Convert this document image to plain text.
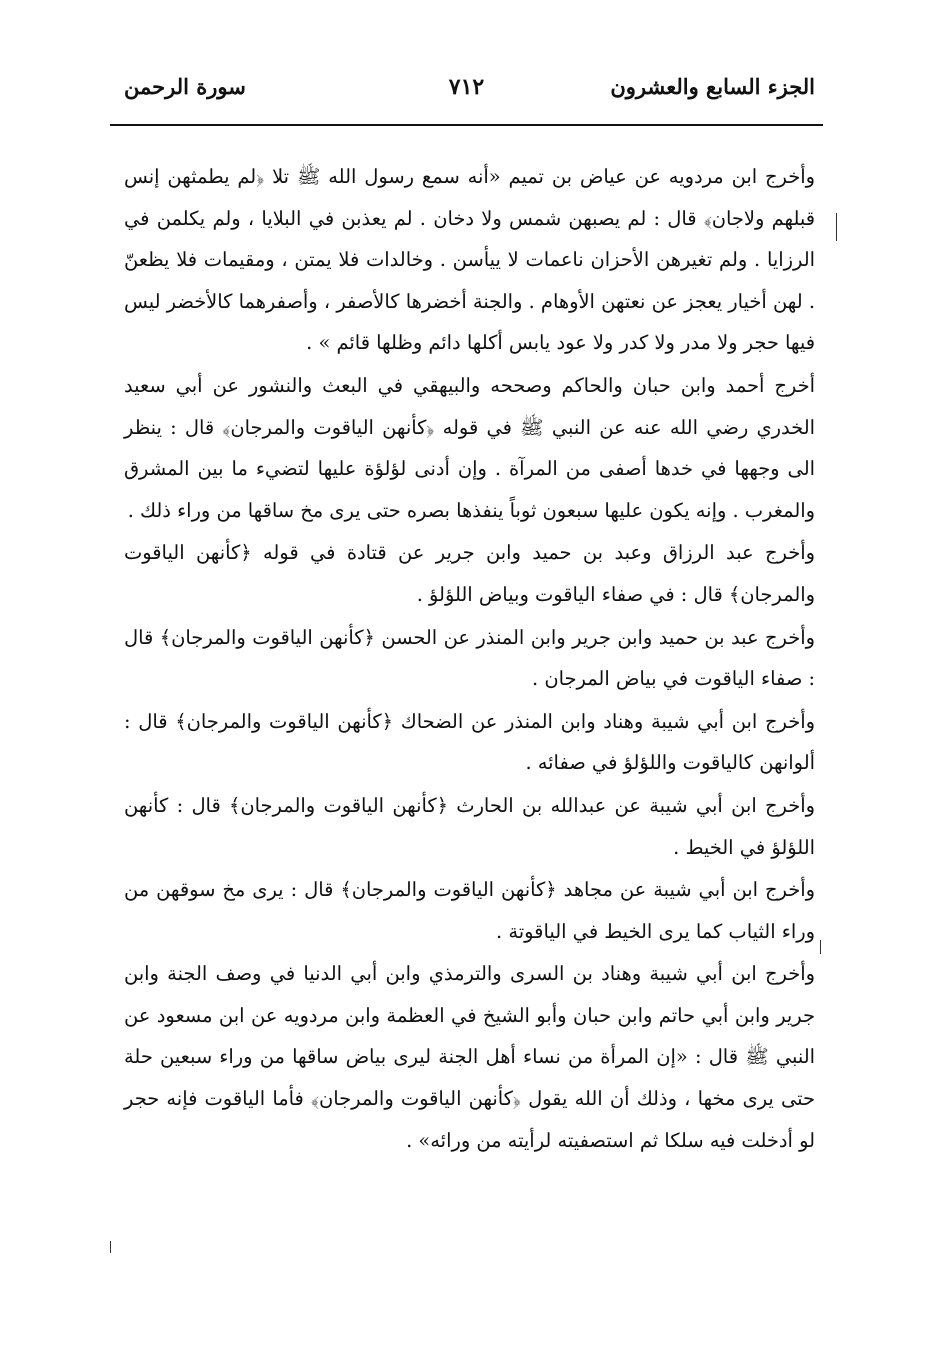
الجزء السابع والعشرون
٧١٢
سورة الرحمن

وأخرج ابن مردويه عن عياض بن تميم «أنه سمع رسول الله ﷺ تلا ﴿لم يطمثهن إنس قبلهم ولاجان﴾ قال : لم يصبهن شمس ولا دخان . لم يعذبن في البلايا ، ولم يكلمن في الرزايا . ولم تغيرهن الأحزان ناعمات لا ييأسن . وخالدات فلا يمتن ، ومقيمات فلا يظعنّ . لهن أخيار يعجز عن نعتهن الأوهام . والجنة أخضرها كالأصفر ، وأصفرهما كالأخضر ليس فيها حجر ولا مدر ولا كدر ولا عود يابس أكلها دائم وظلها قائم » .

أخرج أحمد وابن حبان والحاكم وصححه والبيهقي في البعث والنشور عن أبي سعيد الخدري رضي الله عنه عن النبي ﷺ في قوله ﴿كأنهن الياقوت والمرجان﴾ قال : ينظر الى وجهها في خدها أصفى من المرآة . وإن أدنى لؤلؤة عليها لتضيء ما بين المشرق والمغرب . وإنه يكون عليها سبعون ثوباً ينفذها بصره حتى يرى مخ ساقها من وراء ذلك .

وأخرج عبد الرزاق وعبد بن حميد وابن جرير عن قتادة في قوله ﴿كأنهن الياقوت والمرجان﴾ قال : في صفاء الياقوت وبياض اللؤلؤ .

وأخرج عبد بن حميد وابن جرير وابن المنذر عن الحسن ﴿كأنهن الياقوت والمرجان﴾ قال : صفاء الياقوت في بياض المرجان .

وأخرج ابن أبي شيبة وهناد وابن المنذر عن الضحاك ﴿كأنهن الياقوت والمرجان﴾ قال : ألوانهن كالياقوت واللؤلؤ في صفائه .

وأخرج ابن أبي شيبة عن عبدالله بن الحارث ﴿كأنهن الياقوت والمرجان﴾ قال : كأنهن اللؤلؤ في الخيط .

وأخرج ابن أبي شيبة عن مجاهد ﴿كأنهن الياقوت والمرجان﴾ قال : يرى مخ سوقهن من وراء الثياب كما يرى الخيط في الياقوتة .

وأخرج ابن أبي شيبة وهناد بن السرى والترمذي وابن أبي الدنيا في وصف الجنة وابن جرير وابن أبي حاتم وابن حبان وأبو الشيخ في العظمة وابن مردويه عن ابن مسعود عن النبي ﷺ قال : «إن المرأة من نساء أهل الجنة ليرى بياض ساقها من وراء سبعين حلة حتى يرى مخها ، وذلك أن الله يقول ﴿كأنهن الياقوت والمرجان﴾ فأما الياقوت فإنه حجر لو أدخلت فيه سلكا ثم استصفيته لرأيته من ورائه» .
